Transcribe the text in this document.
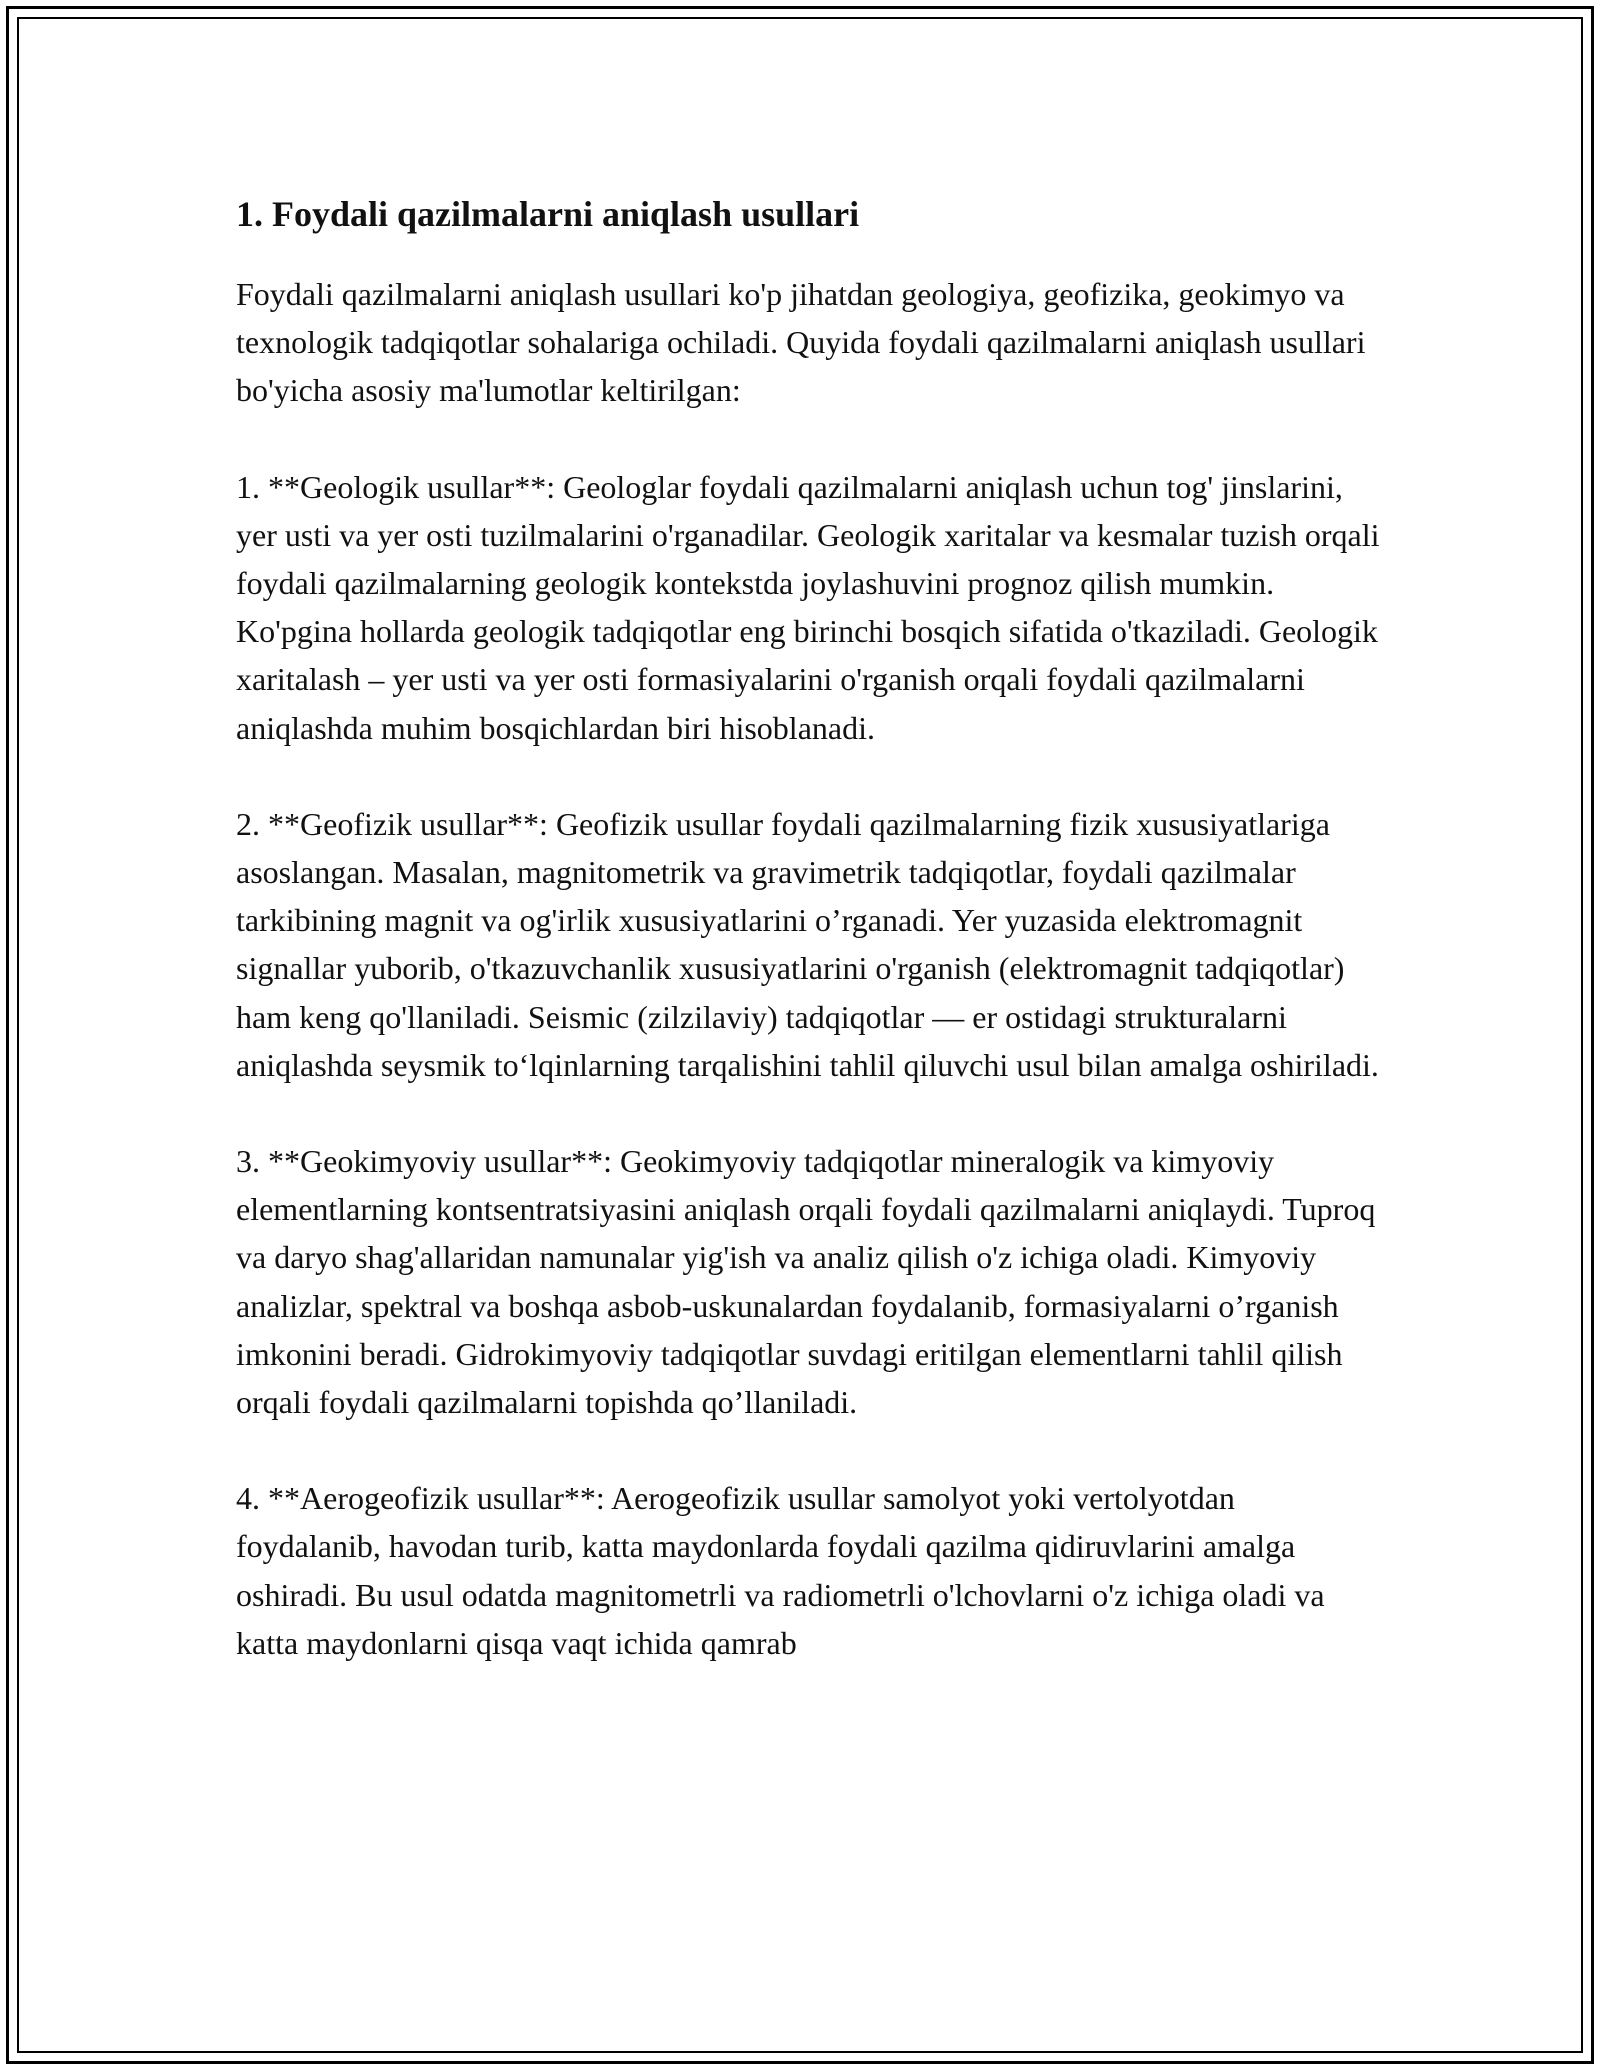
1. Foydali qazilmalarni aniqlash usullari

Foydali qazilmalarni aniqlash usullari ko'p jihatdan geologiya, geofizika, geokimyo va texnologik tadqiqotlar sohalariga ochiladi. Quyida foydali qazilmalarni aniqlash usullari bo'yicha asosiy ma'lumotlar keltirilgan:

1. **Geologik usullar**: Geologlar foydali qazilmalarni aniqlash uchun tog' jinslarini, yer usti va yer osti tuzilmalarini o'rganadilar. Geologik xaritalar va kesmalar tuzish orqali foydali qazilmalarning geologik kontekstda joylashuvini prognoz qilish mumkin. Ko'pgina hollarda geologik tadqiqotlar eng birinchi bosqich sifatida o'tkaziladi. Geologik xaritalash – yer usti va yer osti formasiyalarini o'rganish orqali foydali qazilmalarni aniqlashda muhim bosqichlardan biri hisoblanadi.

2. **Geofizik usullar**: Geofizik usullar foydali qazilmalarning fizik xususiyatlariga asoslangan. Masalan, magnitometrik va gravimetrik tadqiqotlar, foydali qazilmalar tarkibining magnit va og'irlik xususiyatlarini o’rganadi. Yer yuzasida elektromagnit signallar yuborib, o'tkazuvchanlik xususiyatlarini o'rganish (elektromagnit tadqiqotlar) ham keng qo'llaniladi. Seismic (zilzilaviy) tadqiqotlar — er ostidagi strukturalarni aniqlashda seysmik to‘lqinlarning tarqalishini tahlil qiluvchi usul bilan amalga oshiriladi.

3. **Geokimyoviy usullar**: Geokimyoviy tadqiqotlar mineralogik va kimyoviy elementlarning kontsentratsiyasini aniqlash orqali foydali qazilmalarni aniqlaydi. Tuproq va daryo shag'allaridan namunalar yig'ish va analiz qilish o'z ichiga oladi. Kimyoviy analizlar, spektral va boshqa asbob-uskunalardan foydalanib, formasiyalarni o’rganish imkonini beradi. Gidrokimyoviy tadqiqotlar suvdagi eritilgan elementlarni tahlil qilish orqali foydali qazilmalarni topishda qo’llaniladi.

4. **Aerogeofizik usullar**: Aerogeofizik usullar samolyot yoki vertolyotdan foydalanib, havodan turib, katta maydonlarda foydali qazilma qidiruvlarini amalga oshiradi. Bu usul odatda magnitometrli va radiometrli o'lchovlarni o'z ichiga oladi va katta maydonlarni qisqa vaqt ichida qamrab
